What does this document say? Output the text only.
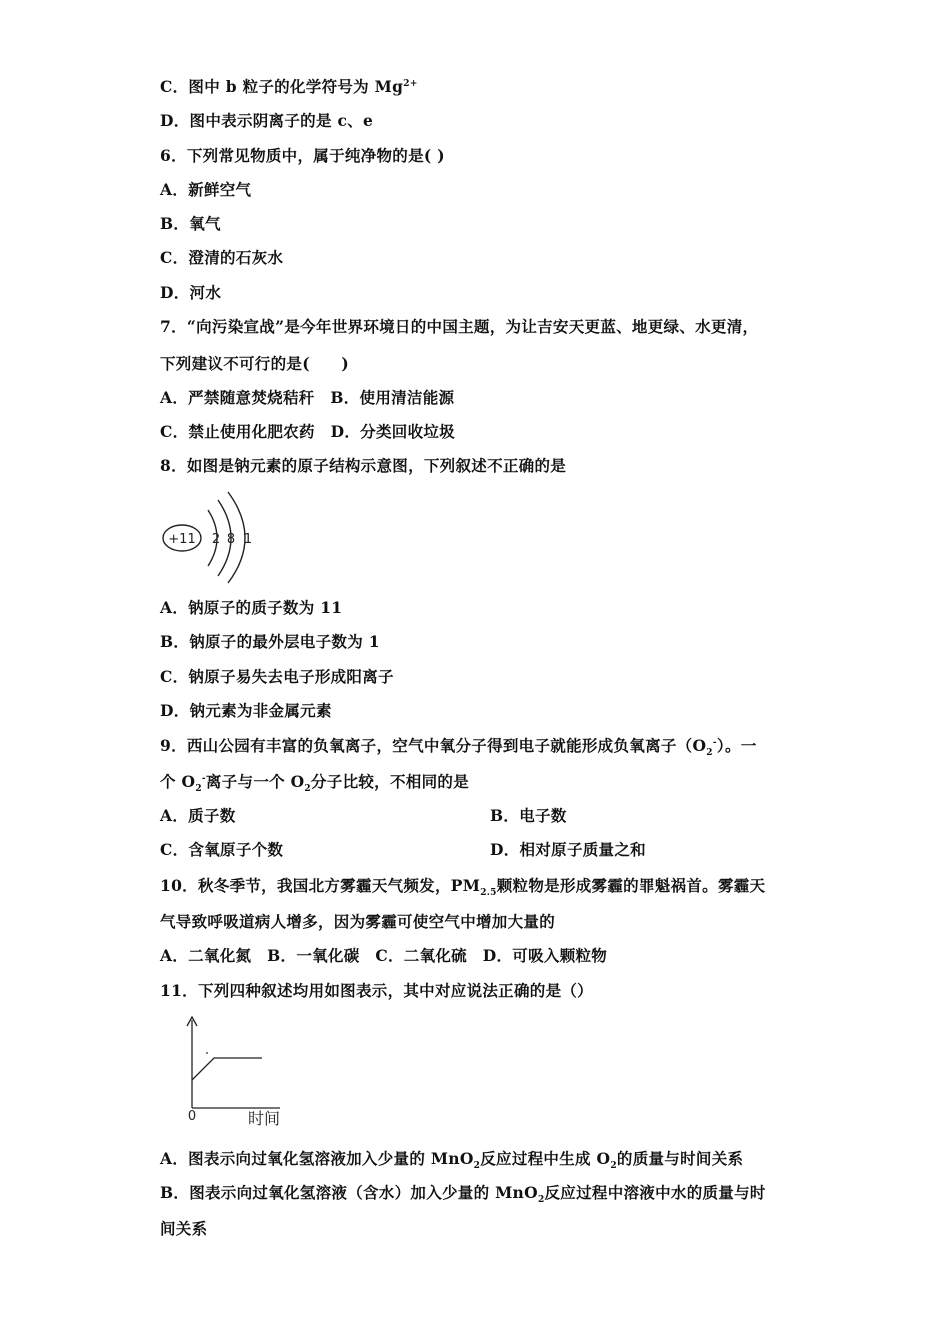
C．图中 b 粒子的化学符号为 $Mg^{2+}$
D．图中表示阴离子的是 c、e
6．下列常见物质中，属于纯净物的是( )
A．新鲜空气
B．氧气
C．澄清的石灰水
D．河水
7．“向污染宣战”是今年世界环境日的中国主题，为让吉安天更蓝、地更绿、水更清，
下列建议不可行的是(　　)
A．严禁随意焚烧秸秆　B．使用清洁能源
C．禁止使用化肥农药　D．分类回收垃圾
8．如图是钠元素的原子结构示意图，下列叙述不正确的是
+11 2 8 1
A．钠原子的质子数为 11
B．钠原子的最外层电子数为 1
C．钠原子易失去电子形成阳离子
D．钠元素为非金属元素
9．西山公园有丰富的负氧离子，空气中氧分子得到电子就能形成负氧离子$(O_2^-)$。一
个 $O_2^-$离子与一个 $O_2$分子比较，不相同的是
A．质子数	B．电子数
C．含氧原子个数	D．相对原子质量之和
10．秋冬季节，我国北方雾霾天气频发，$PM_{2.5}$颗粒物是形成雾霾的罪魁祸首。雾霾天
气导致呼吸道病人增多，因为雾霾可使空气中增加大量的
A．二氧化氮　B．一氧化碳　C．二氧化硫　D．可吸入颗粒物
11．下列四种叙述均用如图表示，其中对应说法正确的是（）
0	时间
A．图表示向过氧化氢溶液加入少量的 MnO$_2$反应过程中生成 $O_2$的质量与时间关系
B．图表示向过氧化氢溶液（含水）加入少量的 MnO$_2$反应过程中溶液中水的质量与时
间关系
